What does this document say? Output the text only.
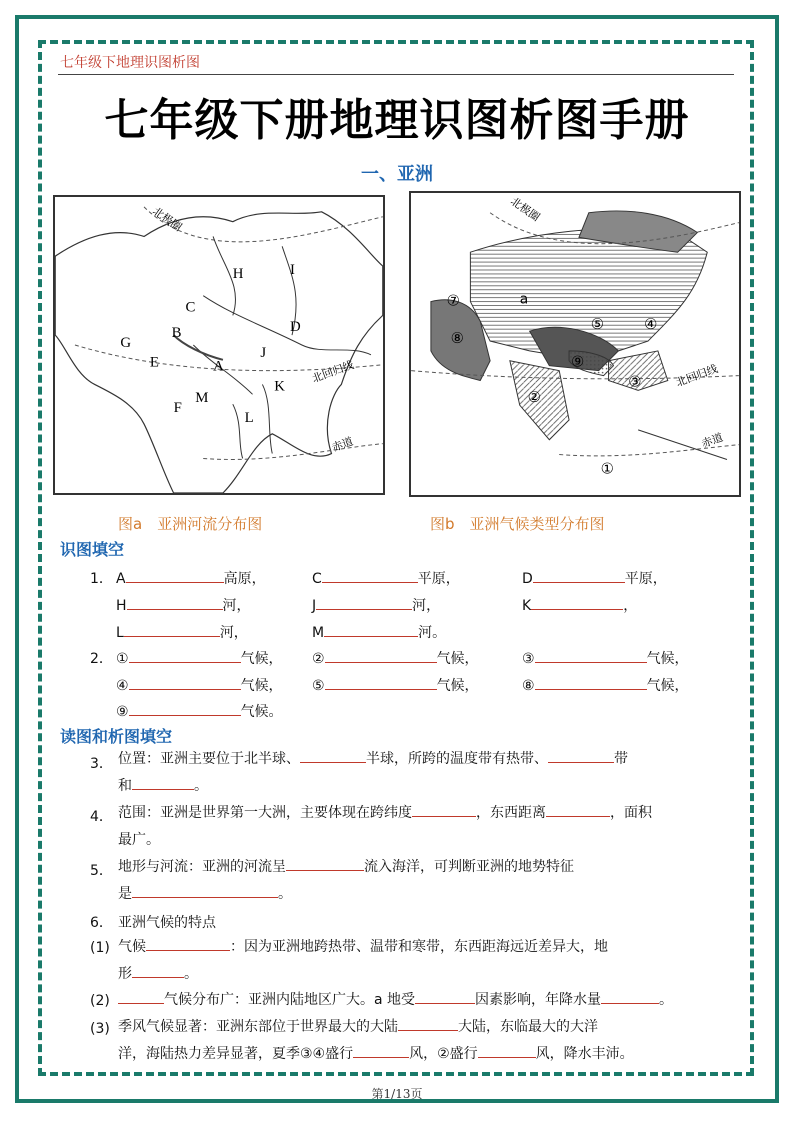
七年级下地理识图析图
七年级下册地理识图析图手册
一、亚洲
H	I
C
D
B
G
E	A
J
K
M
F
L
北极圈
北回归线
赤道
⑦
⑧
a
⑤	④
⑨
③
②
①
北极圈
北回归线
赤道
图a　亚洲河流分布图	图b　亚洲气候类型分布图
识图填空
1． A	高原，	C	平原，	D	平原，
H	河，	J	河，	K	，
L	河，	M	河。
2． ①	气候， ②	气候，	③	气候，
④	气候， ⑤	气候，	⑧	气候，
⑨	气候。
读图和析图填空
3． 位置：亚洲主要位于北半球、	半球，所跨的温度带有热带、	带
和	。
4． 范围：亚洲是世界第一大洲，主要体现在跨纬度	，东西距离	，面积
最广。
5． 地形与河流：亚洲的河流呈	流入海洋，可判断亚洲的地势特征
是	。
6． 亚洲气候的特点
(1) 气候	：因为亚洲地跨热带、温带和寒带，东西距海远近差异大，地
形	。
(2)	气候分布广：亚洲内陆地区广大。a 地受	因素影响，年降水量	。
(3) 季风气候显著：亚洲东部位于世界最大的大陆	大陆，东临最大的大洋
洋，海陆热力差异显著，夏季③④盛行	风，②盛行	风，降水丰沛。
第1/13页
